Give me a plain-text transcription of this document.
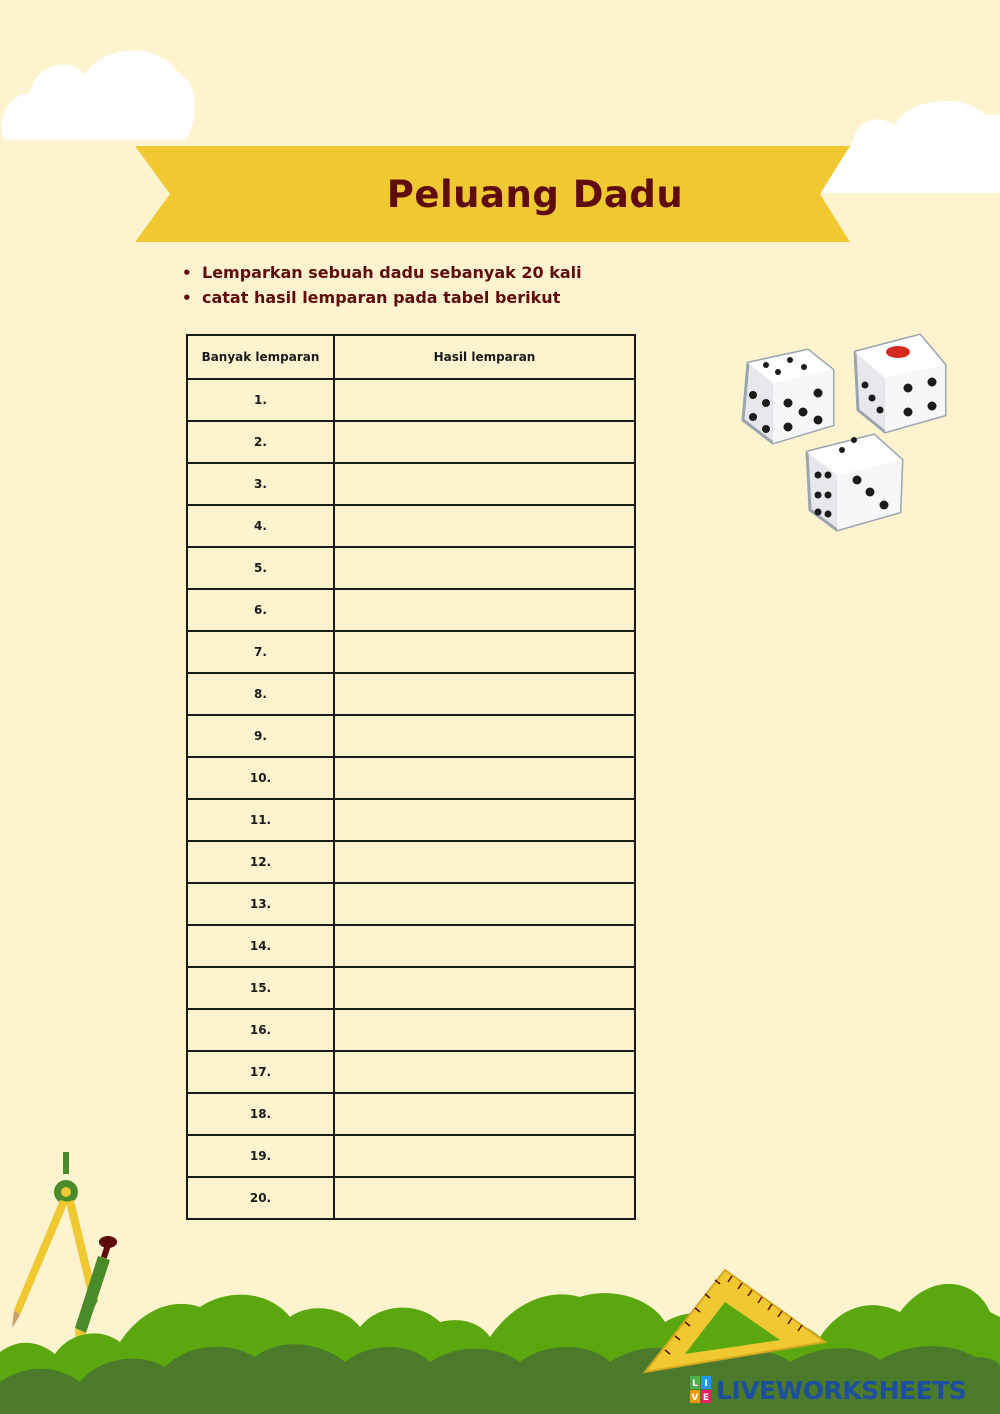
Peluang Dadu
• Lemparkan sebuah dadu sebanyak 20 kali
• catat hasil lemparan pada tabel berikut
Banyak lemparan	Hasil lemparan
1.	
2.	
3.	
4.	
5.	
6.	
7.	
8.	
9.	
10.	
11.	
12.	
13.	
14.	
15.	
16.	
17.	
18.	
19.	
20.	
L I
V E LIVEWORKSHEETS
